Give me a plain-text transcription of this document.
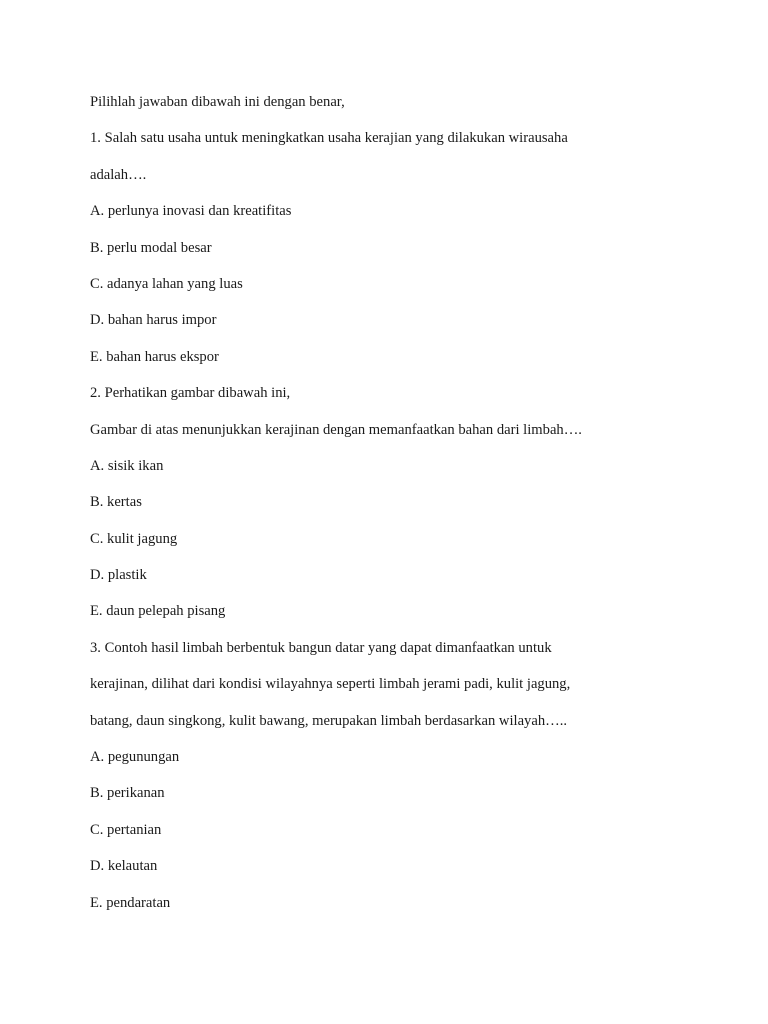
Pilihlah jawaban dibawah ini dengan benar,
1. Salah satu usaha untuk meningkatkan usaha kerajian yang dilakukan wirausaha
adalah….
A. perlunya inovasi dan kreatifitas
B. perlu modal besar
C. adanya lahan yang luas
D. bahan harus impor
E. bahan harus ekspor
2. Perhatikan gambar dibawah ini,
Gambar di atas menunjukkan kerajinan dengan memanfaatkan bahan dari limbah….
A. sisik ikan
B. kertas
C. kulit jagung
D. plastik
E. daun pelepah pisang
3. Contoh hasil limbah berbentuk bangun datar yang dapat dimanfaatkan untuk
kerajinan, dilihat dari kondisi wilayahnya seperti limbah jerami padi, kulit jagung,
batang, daun singkong, kulit bawang, merupakan limbah berdasarkan wilayah…..
A. pegunungan
B. perikanan
C. pertanian
D. kelautan
E. pendaratan
